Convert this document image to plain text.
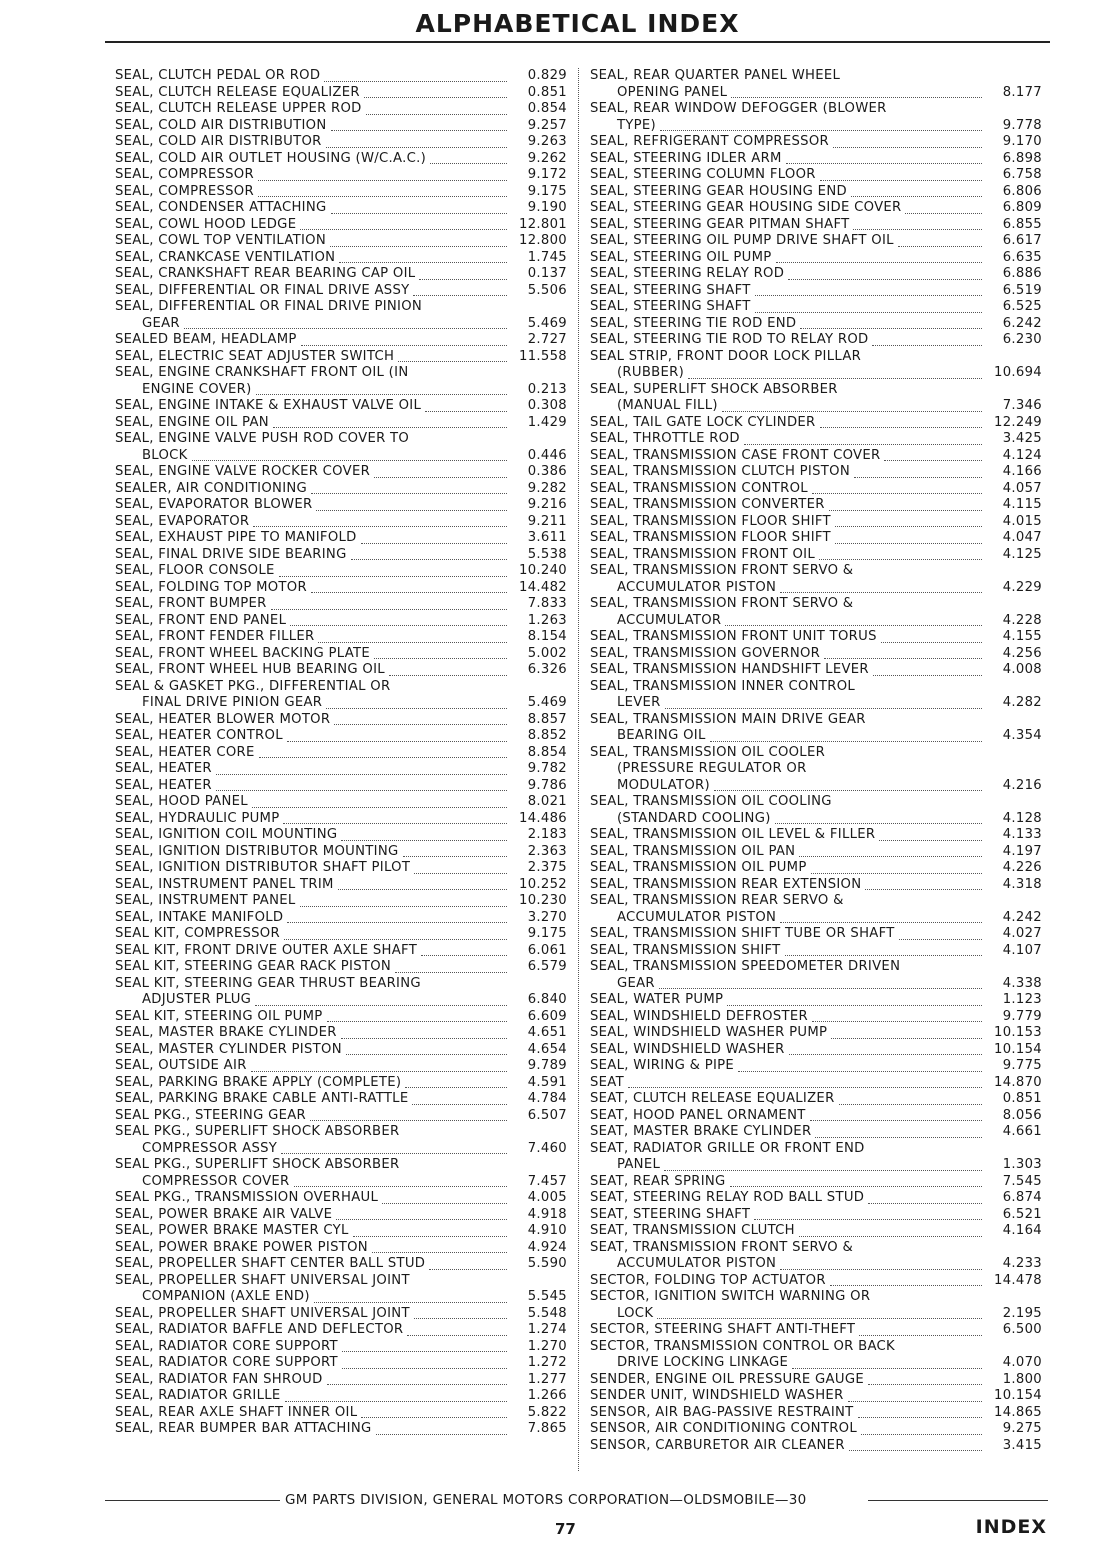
ALPHABETICAL INDEX
SEAL, CLUTCH PEDAL OR ROD	0.829
SEAL, CLUTCH RELEASE EQUALIZER	0.851
SEAL, CLUTCH RELEASE UPPER ROD	0.854
SEAL, COLD AIR DISTRIBUTION	9.257
SEAL, COLD AIR DISTRIBUTOR	9.263
SEAL, COLD AIR OUTLET HOUSING (W/C.A.C.)	9.262
SEAL, COMPRESSOR	9.172
SEAL, COMPRESSOR	9.175
SEAL, CONDENSER ATTACHING	9.190
SEAL, COWL HOOD LEDGE	12.801
SEAL, COWL TOP VENTILATION	12.800
SEAL, CRANKCASE VENTILATION	1.745
SEAL, CRANKSHAFT REAR BEARING CAP OIL	0.137
SEAL, DIFFERENTIAL OR FINAL DRIVE ASSY	5.506
SEAL, DIFFERENTIAL OR FINAL DRIVE PINION
GEAR	5.469
SEALED BEAM, HEADLAMP	2.727
SEAL, ELECTRIC SEAT ADJUSTER SWITCH	11.558
SEAL, ENGINE CRANKSHAFT FRONT OIL (IN
ENGINE COVER)	0.213
SEAL, ENGINE INTAKE & EXHAUST VALVE OIL	0.308
SEAL, ENGINE OIL PAN	1.429
SEAL, ENGINE VALVE PUSH ROD COVER TO
BLOCK	0.446
SEAL, ENGINE VALVE ROCKER COVER	0.386
SEALER, AIR CONDITIONING	9.282
SEAL, EVAPORATOR BLOWER	9.216
SEAL, EVAPORATOR	9.211
SEAL, EXHAUST PIPE TO MANIFOLD	3.611
SEAL, FINAL DRIVE SIDE BEARING	5.538
SEAL, FLOOR CONSOLE	10.240
SEAL, FOLDING TOP MOTOR	14.482
SEAL, FRONT BUMPER	7.833
SEAL, FRONT END PANEL	1.263
SEAL, FRONT FENDER FILLER	8.154
SEAL, FRONT WHEEL BACKING PLATE	5.002
SEAL, FRONT WHEEL HUB BEARING OIL	6.326
SEAL & GASKET PKG., DIFFERENTIAL OR
FINAL DRIVE PINION GEAR	5.469
SEAL, HEATER BLOWER MOTOR	8.857
SEAL, HEATER CONTROL	8.852
SEAL, HEATER CORE	8.854
SEAL, HEATER	9.782
SEAL, HEATER	9.786
SEAL, HOOD PANEL	8.021
SEAL, HYDRAULIC PUMP	14.486
SEAL, IGNITION COIL MOUNTING	2.183
SEAL, IGNITION DISTRIBUTOR MOUNTING	2.363
SEAL, IGNITION DISTRIBUTOR SHAFT PILOT	2.375
SEAL, INSTRUMENT PANEL TRIM	10.252
SEAL, INSTRUMENT PANEL	10.230
SEAL, INTAKE MANIFOLD	3.270
SEAL KIT, COMPRESSOR	9.175
SEAL KIT, FRONT DRIVE OUTER AXLE SHAFT	6.061
SEAL KIT, STEERING GEAR RACK PISTON	6.579
SEAL KIT, STEERING GEAR THRUST BEARING
ADJUSTER PLUG	6.840
SEAL KIT, STEERING OIL PUMP	6.609
SEAL, MASTER BRAKE CYLINDER	4.651
SEAL, MASTER CYLINDER PISTON	4.654
SEAL, OUTSIDE AIR	9.789
SEAL, PARKING BRAKE APPLY (COMPLETE)	4.591
SEAL, PARKING BRAKE CABLE ANTI-RATTLE	4.784
SEAL PKG., STEERING GEAR	6.507
SEAL PKG., SUPERLIFT SHOCK ABSORBER
COMPRESSOR ASSY	7.460
SEAL PKG., SUPERLIFT SHOCK ABSORBER
COMPRESSOR COVER	7.457
SEAL PKG., TRANSMISSION OVERHAUL	4.005
SEAL, POWER BRAKE AIR VALVE	4.918
SEAL, POWER BRAKE MASTER CYL	4.910
SEAL, POWER BRAKE POWER PISTON	4.924
SEAL, PROPELLER SHAFT CENTER BALL STUD	5.590
SEAL, PROPELLER SHAFT UNIVERSAL JOINT
COMPANION (AXLE END)	5.545
SEAL, PROPELLER SHAFT UNIVERSAL JOINT	5.548
SEAL, RADIATOR BAFFLE AND DEFLECTOR	1.274
SEAL, RADIATOR CORE SUPPORT	1.270
SEAL, RADIATOR CORE SUPPORT	1.272
SEAL, RADIATOR FAN SHROUD	1.277
SEAL, RADIATOR GRILLE	1.266
SEAL, REAR AXLE SHAFT INNER OIL	5.822
SEAL, REAR BUMPER BAR ATTACHING	7.865
SEAL, REAR QUARTER PANEL WHEEL
OPENING PANEL	8.177
SEAL, REAR WINDOW DEFOGGER (BLOWER
TYPE)	9.778
SEAL, REFRIGERANT COMPRESSOR	9.170
SEAL, STEERING IDLER ARM	6.898
SEAL, STEERING COLUMN FLOOR	6.758
SEAL, STEERING GEAR HOUSING END	6.806
SEAL, STEERING GEAR HOUSING SIDE COVER	6.809
SEAL, STEERING GEAR PITMAN SHAFT	6.855
SEAL, STEERING OIL PUMP DRIVE SHAFT OIL	6.617
SEAL, STEERING OIL PUMP	6.635
SEAL, STEERING RELAY ROD	6.886
SEAL, STEERING SHAFT	6.519
SEAL, STEERING SHAFT	6.525
SEAL, STEERING TIE ROD END	6.242
SEAL, STEERING TIE ROD TO RELAY ROD	6.230
SEAL STRIP, FRONT DOOR LOCK PILLAR
(RUBBER)	10.694
SEAL, SUPERLIFT SHOCK ABSORBER
(MANUAL FILL)	7.346
SEAL, TAIL GATE LOCK CYLINDER	12.249
SEAL, THROTTLE ROD	3.425
SEAL, TRANSMISSION CASE FRONT COVER	4.124
SEAL, TRANSMISSION CLUTCH PISTON	4.166
SEAL, TRANSMISSION CONTROL	4.057
SEAL, TRANSMISSION CONVERTER	4.115
SEAL, TRANSMISSION FLOOR SHIFT	4.015
SEAL, TRANSMISSION FLOOR SHIFT	4.047
SEAL, TRANSMISSION FRONT OIL	4.125
SEAL, TRANSMISSION FRONT SERVO &
ACCUMULATOR PISTON	4.229
SEAL, TRANSMISSION FRONT SERVO &
ACCUMULATOR	4.228
SEAL, TRANSMISSION FRONT UNIT TORUS	4.155
SEAL, TRANSMISSION GOVERNOR	4.256
SEAL, TRANSMISSION HANDSHIFT LEVER	4.008
SEAL, TRANSMISSION INNER CONTROL
LEVER	4.282
SEAL, TRANSMISSION MAIN DRIVE GEAR
BEARING OIL	4.354
SEAL, TRANSMISSION OIL COOLER
(PRESSURE REGULATOR OR
MODULATOR)	4.216
SEAL, TRANSMISSION OIL COOLING
(STANDARD COOLING)	4.128
SEAL, TRANSMISSION OIL LEVEL & FILLER	4.133
SEAL, TRANSMISSION OIL PAN	4.197
SEAL, TRANSMISSION OIL PUMP	4.226
SEAL, TRANSMISSION REAR EXTENSION	4.318
SEAL, TRANSMISSION REAR SERVO &
ACCUMULATOR PISTON	4.242
SEAL, TRANSMISSION SHIFT TUBE OR SHAFT	4.027
SEAL, TRANSMISSION SHIFT	4.107
SEAL, TRANSMISSION SPEEDOMETER DRIVEN
GEAR	4.338
SEAL, WATER PUMP	1.123
SEAL, WINDSHIELD DEFROSTER	9.779
SEAL, WINDSHIELD WASHER PUMP	10.153
SEAL, WINDSHIELD WASHER	10.154
SEAL, WIRING & PIPE	9.775
SEAT	14.870
SEAT, CLUTCH RELEASE EQUALIZER	0.851
SEAT, HOOD PANEL ORNAMENT	8.056
SEAT, MASTER BRAKE CYLINDER	4.661
SEAT, RADIATOR GRILLE OR FRONT END
PANEL	1.303
SEAT, REAR SPRING	7.545
SEAT, STEERING RELAY ROD BALL STUD	6.874
SEAT, STEERING SHAFT	6.521
SEAT, TRANSMISSION CLUTCH	4.164
SEAT, TRANSMISSION FRONT SERVO &
ACCUMULATOR PISTON	4.233
SECTOR, FOLDING TOP ACTUATOR	14.478
SECTOR, IGNITION SWITCH WARNING OR
LOCK	2.195
SECTOR, STEERING SHAFT ANTI-THEFT	6.500
SECTOR, TRANSMISSION CONTROL OR BACK
DRIVE LOCKING LINKAGE	4.070
SENDER, ENGINE OIL PRESSURE GAUGE	1.800
SENDER UNIT, WINDSHIELD WASHER	10.154
SENSOR, AIR BAG-PASSIVE RESTRAINT	14.865
SENSOR, AIR CONDITIONING CONTROL	9.275
SENSOR, CARBURETOR AIR CLEANER	3.415
GM PARTS DIVISION, GENERAL MOTORS CORPORATION—OLDSMOBILE—30
77	INDEX
